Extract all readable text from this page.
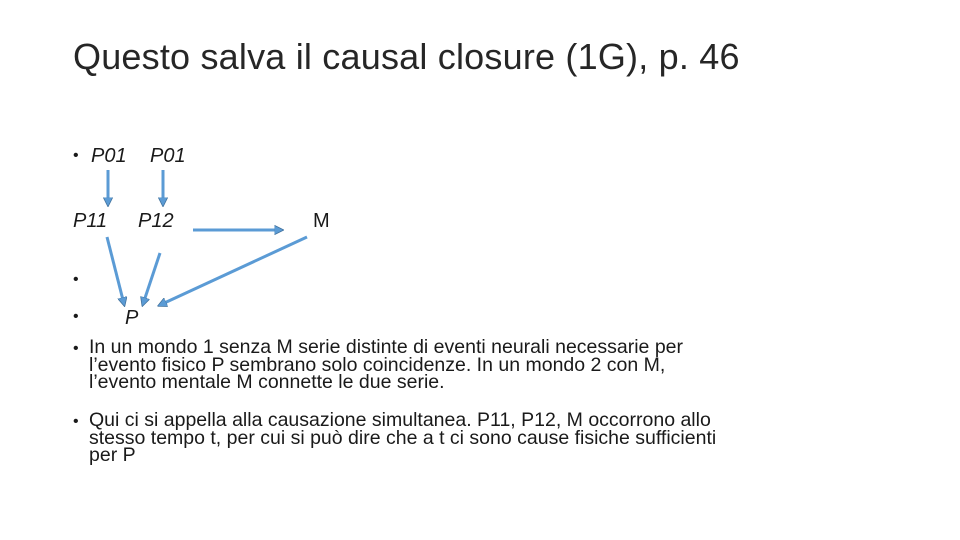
Questo salva il causal closure (1G), p. 46
• P01 P01
P11 P12	M
•
• P
• In un mondo 1 senza M serie distinte di eventi neurali necessarie per
l’evento fisico P sembrano solo coincidenze. In un mondo 2 con M,
l’evento mentale M connette le due serie.
• Qui ci si appella alla causazione simultanea. P11, P12, M occorrono allo
stesso tempo t, per cui si può dire che a t ci sono cause fisiche sufficienti
per P
